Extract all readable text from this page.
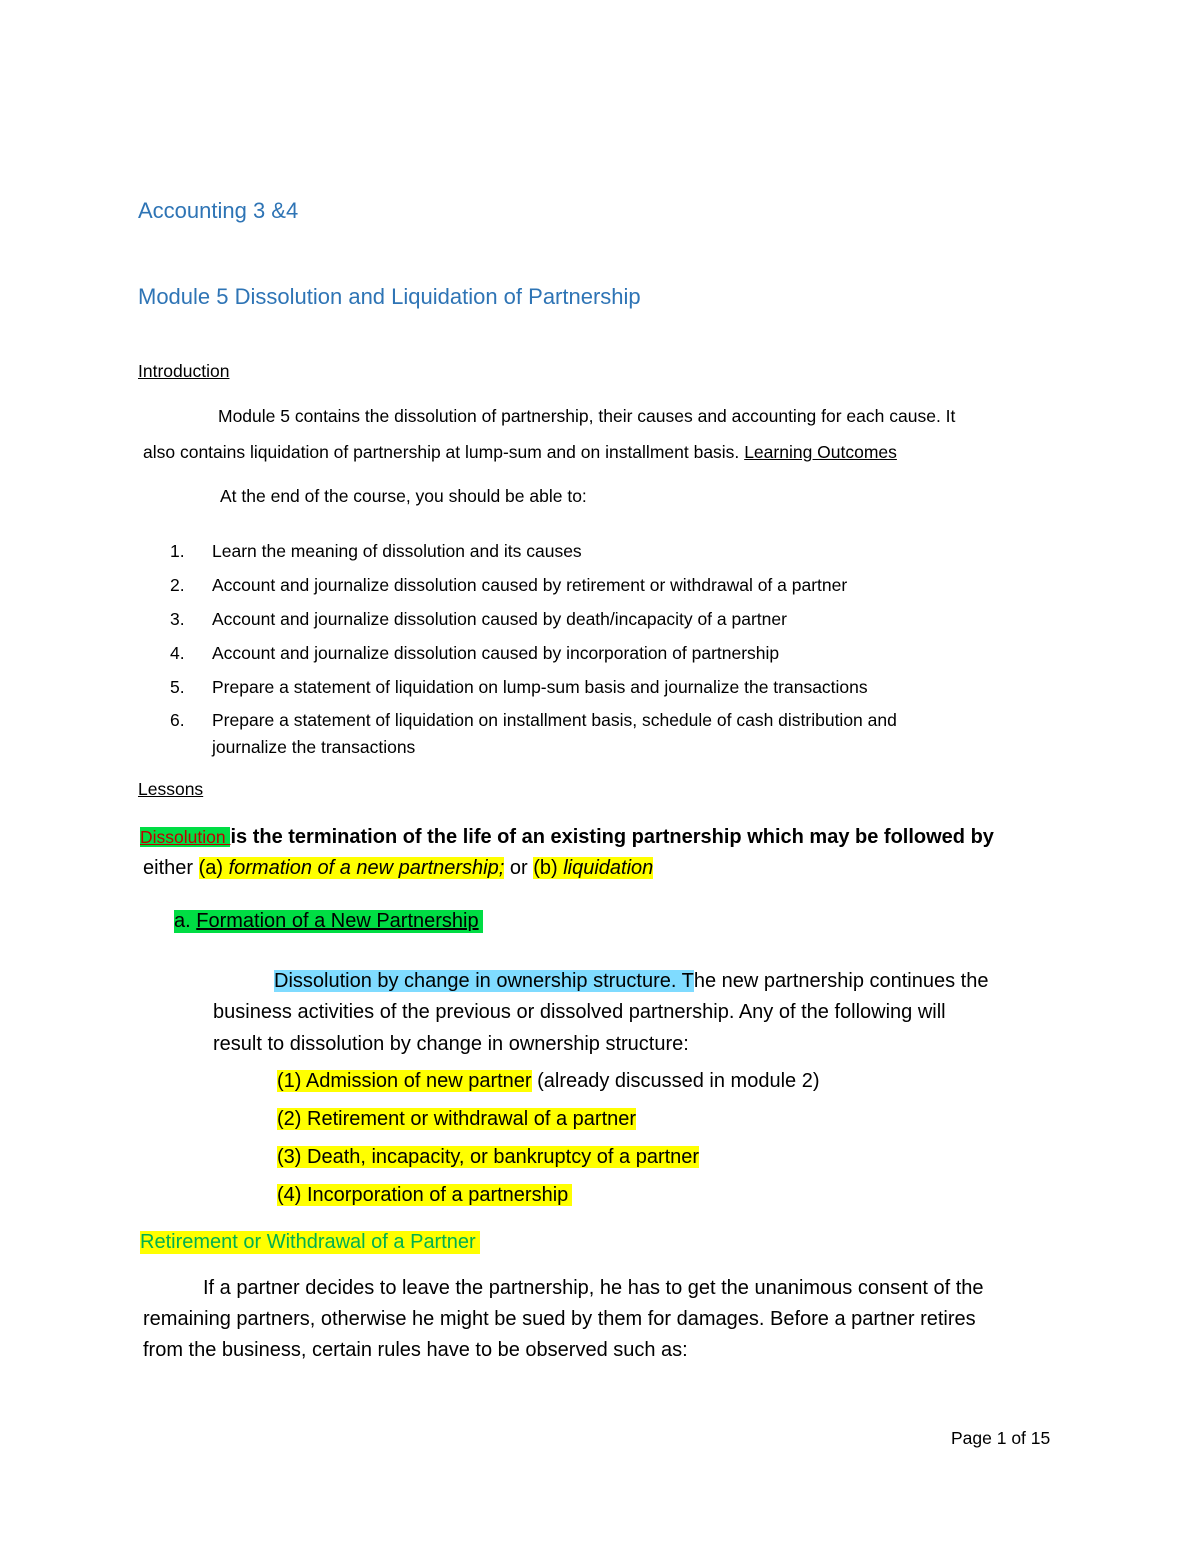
Accounting 3 &4
Module 5 Dissolution and Liquidation of Partnership
Introduction
Module 5 contains the dissolution of partnership, their causes and accounting for each cause. It
also contains liquidation of partnership at lump-sum and on installment basis. Learning Outcomes
At the end of the course, you should be able to:
1. Learn the meaning of dissolution and its causes
2. Account and journalize dissolution caused by retirement or withdrawal of a partner
3. Account and journalize dissolution caused by death/incapacity of a partner
4. Account and journalize dissolution caused by incorporation of partnership
5. Prepare a statement of liquidation on lump-sum basis and journalize the transactions
6. Prepare a statement of liquidation on installment basis, schedule of cash distribution and
journalize the transactions
Lessons
Dissolution is the termination of the life of an existing partnership which may be followed by
either (a) formation of a new partnership; or (b) liquidation
a. Formation of a New Partnership
Dissolution by change in ownership structure. The new partnership continues the
business activities of the previous or dissolved partnership. Any of the following will
result to dissolution by change in ownership structure:
(1) Admission of new partner (already discussed in module 2)
(2) Retirement or withdrawal of a partner
(3) Death, incapacity, or bankruptcy of a partner
(4) Incorporation of a partnership
Retirement or Withdrawal of a Partner
If a partner decides to leave the partnership, he has to get the unanimous consent of the
remaining partners, otherwise he might be sued by them for damages. Before a partner retires
from the business, certain rules have to be observed such as:
Page 1 of 15
